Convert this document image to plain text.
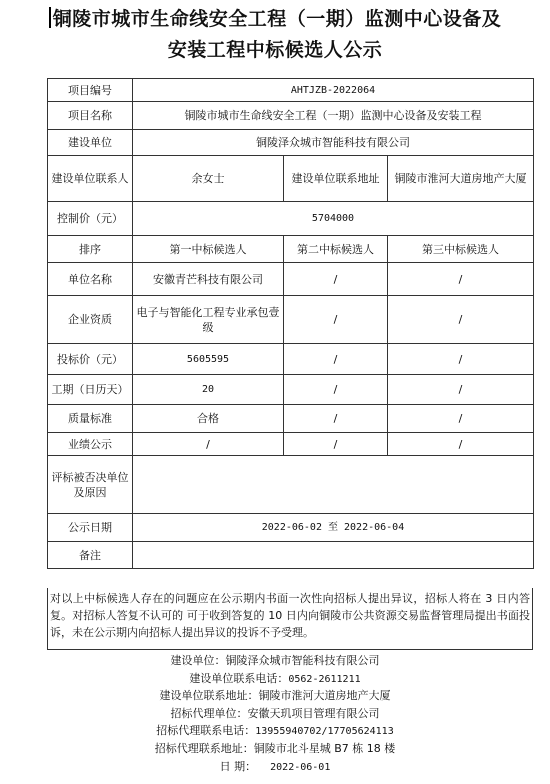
铜陵市城市生命线安全工程（一期）监测中心设备及
安装工程中标候选人公示
项目编号	AHTJZB-2022064		
项目名称	铜陵市城市生命线安全工程（一期）监测中心设备及安装工程		
建设单位	铜陵泽众城市智能科技有限公司		
建设单位联系人	余女士	建设单位联系地址	铜陵市淮河大道房地产大厦
控制价（元）	5704000		
排序	第一中标候选人	第二中标候选人	第三中标候选人
单位名称	安徽青芒科技有限公司	/	/
企业资质	电子与智能化工程专业承包壹级	/	/
投标价（元）	5605595	/	/
工期（日历天）	20	/	/
质量标准	合格	/	/
业绩公示	/	/	/
评标被否决单位及原因			
公示日期	2022-06-02 至 2022-06-04		
备注			
对以上中标候选人存在的问题应在公示期内书面一次性向招标人提出异议，招标人将在 3 日内答复。对招标人答复不认可的 可于收到答复的 10 日内向铜陵市公共资源交易监督管理局提出书面投诉，未在公示期内向招标人提出异议的投诉不予受理。
建设单位：铜陵泽众城市智能科技有限公司
建设单位联系电话：0562-2611211
建设单位联系地址：铜陵市淮河大道房地产大厦
招标代理单位：安徽天玑项目管理有限公司
招标代理联系电话：13955940702/17705624113
招标代理联系地址：铜陵市北斗星城 B7 栋 18 楼
日 期： 2022-06-01
